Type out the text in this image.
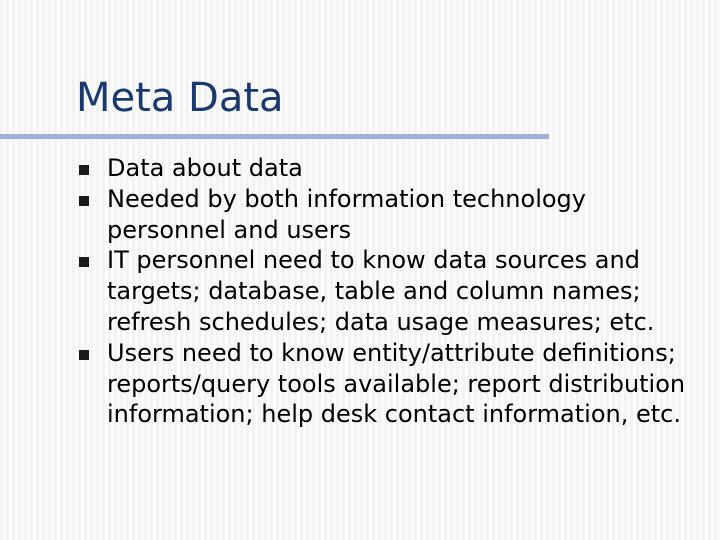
Meta Data
Data about data
Needed by both information technology personnel and users
IT personnel need to know data sources and targets; database, table and column names; refresh schedules; data usage measures; etc.
Users need to know entity/attribute definitions; reports/query tools available; report distribution information; help desk contact information, etc.
